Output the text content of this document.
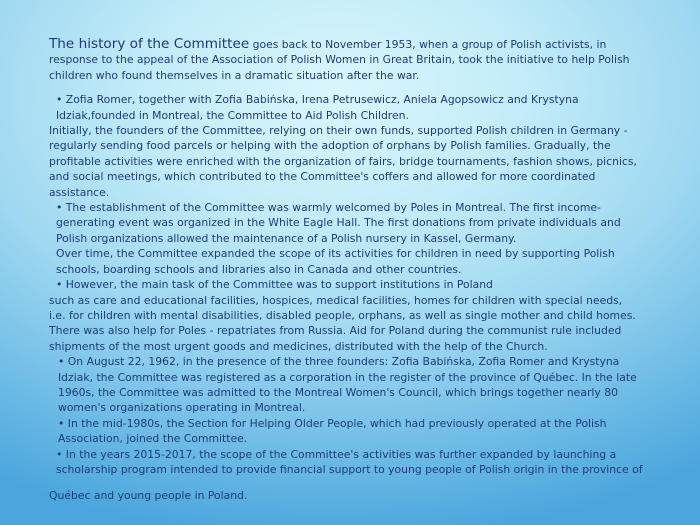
The history of the Committee goes back to November 1953, when a group of Polish activists, in response to the appeal of the Association of Polish Women in Great Britain, took the initiative to help Polish children who found themselves in a dramatic situation after the war.

• Zofia Romer, together with Zofia Babińska, Irena Petrusewicz, Aniela Agopsowicz and Krystyna Idziak,founded in Montreal, the Committee to Aid Polish Children.

Initially, the founders of the Committee, relying on their own funds, supported Polish children in Germany - regularly sending food parcels or helping with the adoption of orphans by Polish families. Gradually, the profitable activities were enriched with the organization of fairs, bridge tournaments, fashion shows, picnics, and social meetings, which contributed to the Committee's coffers and allowed for more coordinated assistance.

• The establishment of the Committee was warmly welcomed by Poles in Montreal. The first income-generating event was organized in the White Eagle Hall. The first donations from private individuals and Polish organizations allowed the maintenance of a Polish nursery in Kassel, Germany.

Over time, the Committee expanded the scope of its activities for children in need by supporting Polish schools, boarding schools and libraries also in Canada and other countries.

• However, the main task of the Committee was to support institutions in Poland

such as care and educational facilities, hospices, medical facilities, homes for children with special needs,

i.e. for children with mental disabilities, disabled people, orphans, as well as single mother and child homes.

There was also help for Poles - repatriates from Russia. Aid for Poland during the communist rule included shipments of the most urgent goods and medicines, distributed with the help of the Church.

• On August 22, 1962, in the presence of the three founders: Zofia Babińska, Zofia Romer and Krystyna Idziak, the Committee was registered as a corporation in the register of the province of Québec. In the late 1960s, the Committee was admitted to the Montreal Women's Council, which brings together nearly 80 women's organizations operating in Montreal.

• In the mid-1980s, the Section for Helping Older People, which had previously operated at the Polish Association, joined the Committee.

• In the years 2015-2017, the scope of the Committee's activities was further expanded by launching a scholarship program intended to provide financial support to young people of Polish origin in the province of

Québec and young people in Poland.
